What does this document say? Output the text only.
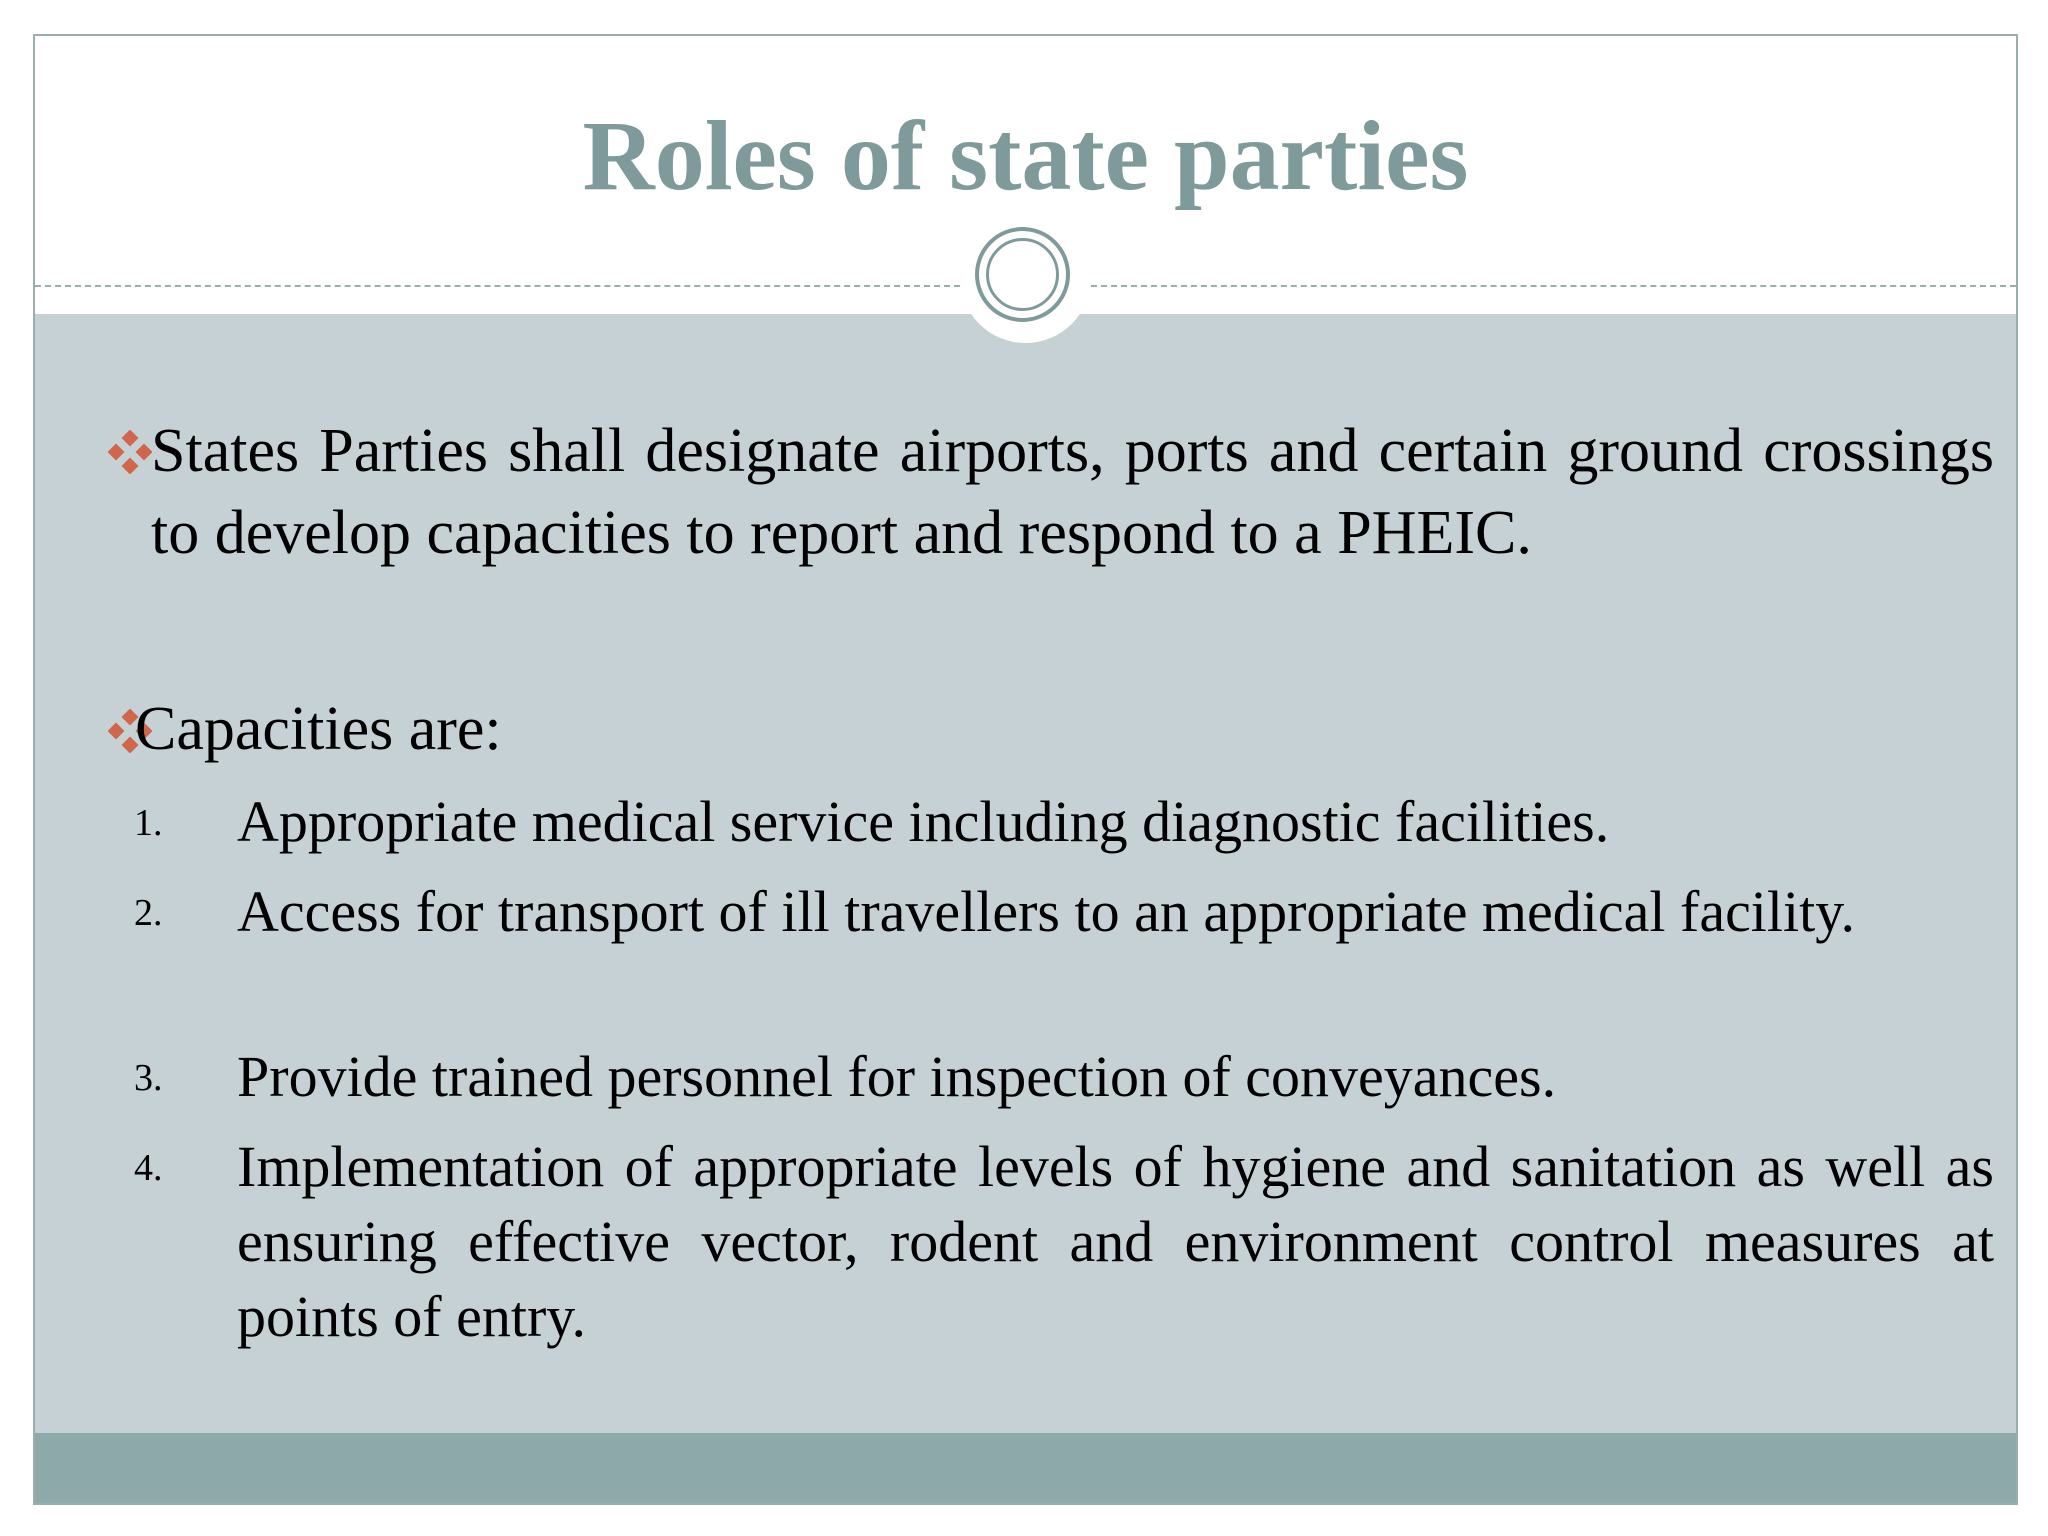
Roles of state parties

States Parties shall designate airports, ports and certain ground crossings to develop capacities to report and respond to a PHEIC.

Capacities are:

1. Appropriate medical service including diagnostic facilities.

2. Access for transport of ill travellers to an appropriate medical facility.

3. Provide trained personnel for inspection of conveyances.

4. Implementation of appropriate levels of hygiene and sanitation as well as ensuring effective vector, rodent and environment control measures at points of entry.
